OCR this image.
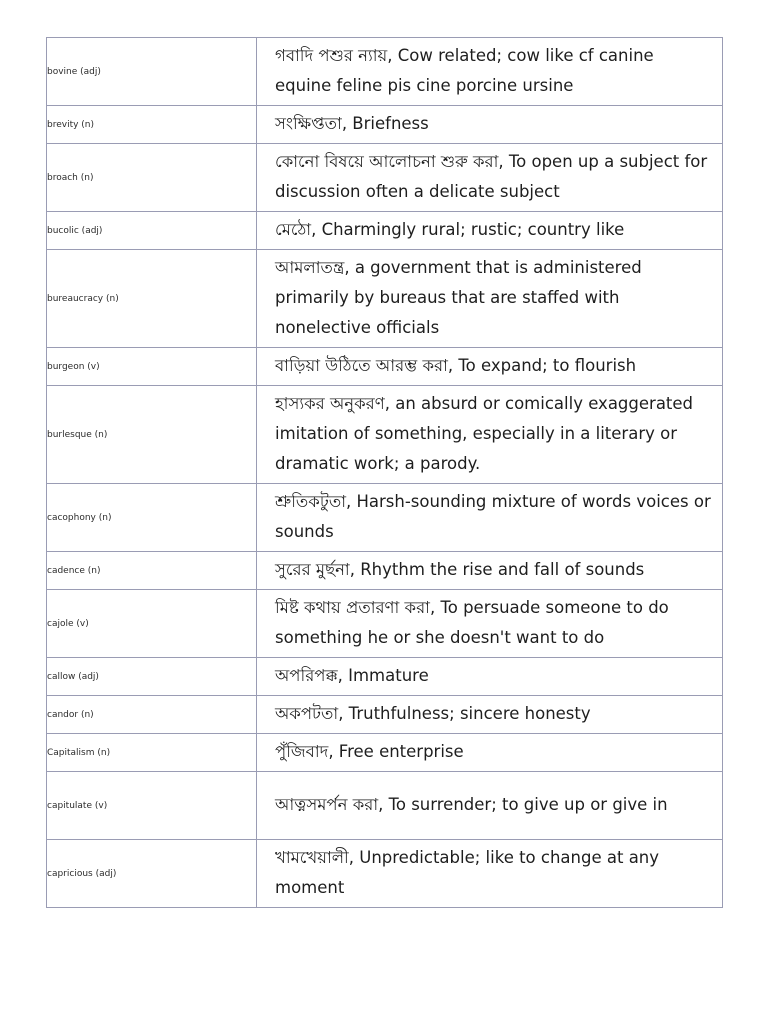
bovine (adj)	গবাদি পশুর ন্যায়, Cow related; cow like cf canine equine feline pis cine porcine ursine

brevity (n)	সংক্ষিপ্ততা, Briefness

broach (n)	কোনো বিষয়ে আলোচনা শুরু করা, To open up a subject for discussion often a delicate subject

bucolic (adj)	মেঠো, Charmingly rural; rustic; country like

bureaucracy (n)	আমলাতন্ত্র, a government that is administered primarily by bureaus that are staffed with nonelective officials

burgeon (v)	বাড়িয়া উঠিতে আরম্ভ করা, To expand; to flourish

burlesque (n)	হাস্যকর অনুকরণ, an absurd or comically exaggerated imitation of something, especially in a literary or dramatic work; a parody.

cacophony (n)	শ্রুতিকটুতা, Harsh-sounding mixture of words voices or sounds

cadence (n)	সুরের মুর্ছনা, Rhythm the rise and fall of sounds

cajole (v)	মিষ্ট কথায় প্রতারণা করা, To persuade someone to do something he or she doesn't want to do

callow (adj)	অপরিপক্ক, Immature

candor (n)	অকপটতা, Truthfulness; sincere honesty

Capitalism (n)	পুঁজিবাদ, Free enterprise

capitulate (v)	আত্নসমর্পন করা, To surrender; to give up or give in

capricious (adj)	খামখেয়ালী, Unpredictable; like to change at any moment
